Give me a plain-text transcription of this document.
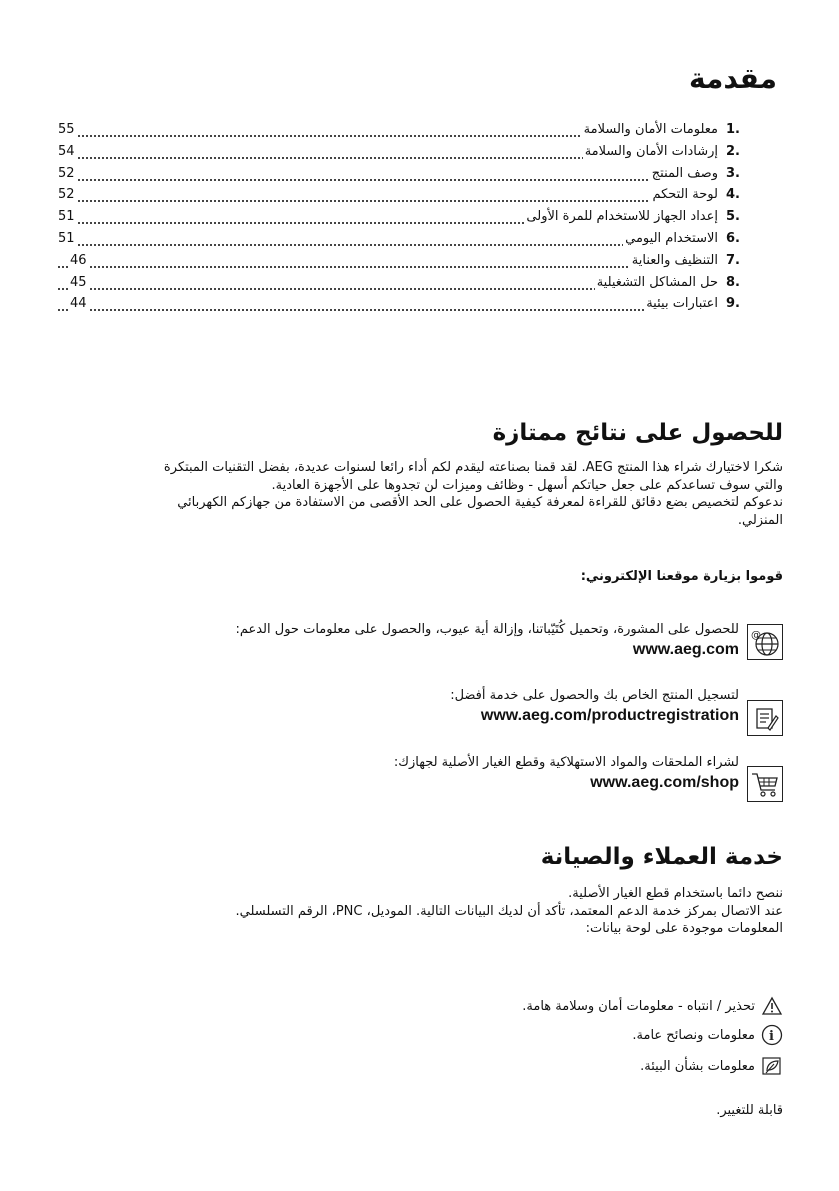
مقدمة
1.
معلومات الأمان والسلامة
55
2.
إرشادات الأمان والسلامة
54
3.
وصف المنتج
52
4.
لوحة التحكم
52
5.
إعداد الجهاز للاستخدام للمرة الأولى
51
6.
الاستخدام اليومي
51
7.
التنظيف والعناية
46
8.
حل المشاكل التشغيلية
45
9.
اعتبارات بيئية
44
للحصول على نتائج ممتازة
شكرا لاختيارك شراء هذا المنتج AEG. لقد قمنا بصناعته ليقدم لكم أداء رائعا لسنوات عديدة، بفضل التقنيات المبتكرة
والتي سوف تساعدكم على جعل حياتكم أسهل - وظائف وميزات لن تجدوها على الأجهزة العادية.
ندعوكم لتخصيص بضع دقائق للقراءة لمعرفة كيفية الحصول على الحد الأقصى من الاستفادة من جهازكم الكهربائي
المنزلي.
قوموا بزيارة موقعنا الإلكتروني:
@
للحصول على المشورة، وتحميل كُتَيّباتنا، وإزالة أية عيوب، والحصول على معلومات حول الدعم:
www.aeg.com
لتسجيل المنتج الخاص بك والحصول على خدمة أفضل:
www.aeg.com/productregistration
لشراء الملحقات والمواد الاستهلاكية وقطع الغيار الأصلية لجهازك:
www.aeg.com/shop
خدمة العملاء والصيانة
ننصح دائما باستخدام قطع الغيار الأصلية.
عند الاتصال بمركز خدمة الدعم المعتمد، تأكد أن لديك البيانات التالية. الموديل، PNC، الرقم التسلسلي.
المعلومات موجودة على لوحة بيانات:
تحذير / انتباه - معلومات أمان وسلامة هامة.
i
معلومات ونصائح عامة.
معلومات بشأن البيئة.
قابلة للتغيير.
